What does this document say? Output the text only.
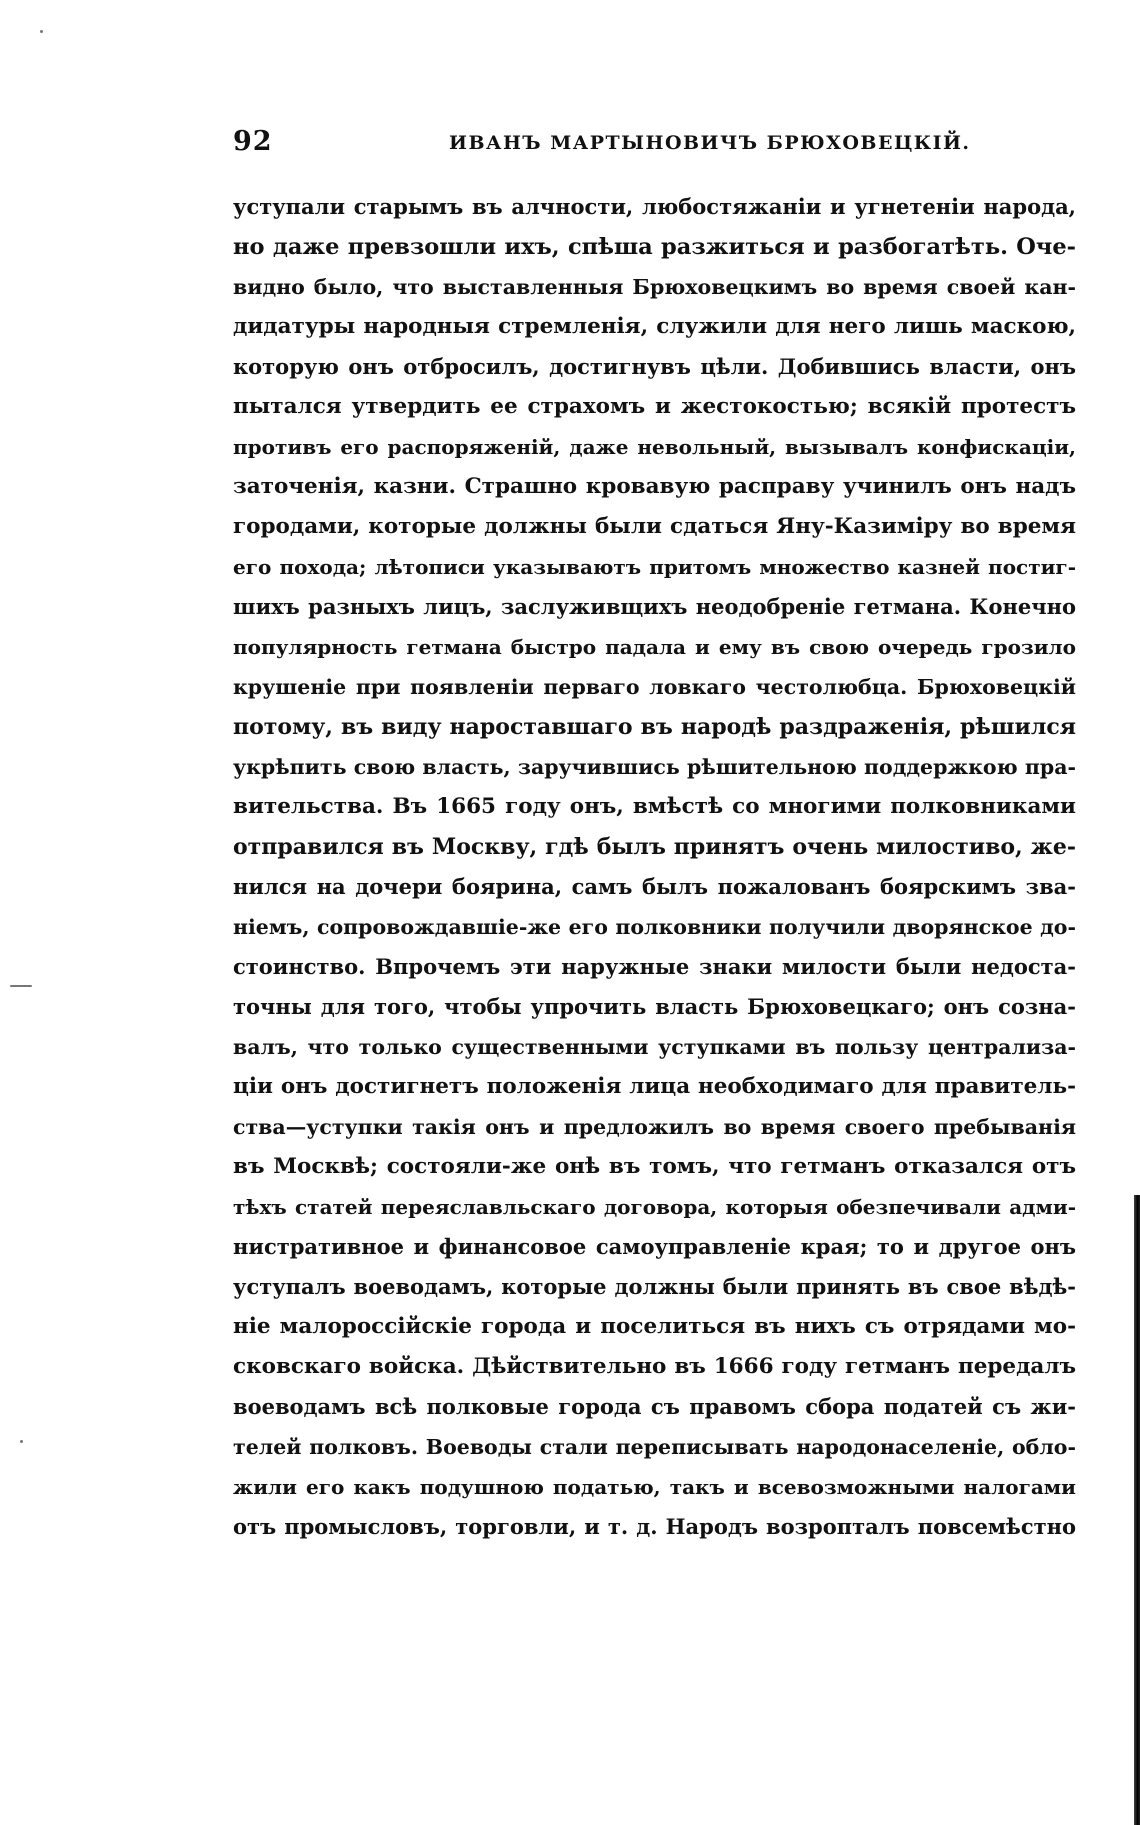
92	ИВАНЪ МАРТЫНОВИЧЪ БРЮХОВЕЦКІЙ.
уступали старымъ въ алчности, любостяжаніи и угнетеніи народа,
но даже превзошли ихъ, спѣша разжиться и разбогатѣть. Оче-
видно было, что выставленныя Брюховецкимъ во время своей кан-
дидатуры народныя стремленія, служили для него лишь маскою,
которую онъ отбросилъ, достигнувъ цѣли. Добившись власти, онъ
пытался утвердить ее страхомъ и жестокостью; всякій протестъ
противъ его распоряженій, даже невольный, вызывалъ конфискаціи,
заточенія, казни. Страшно кровавую расправу учинилъ онъ надъ
городами, которые должны были сдаться Яну-Казиміру во время
его похода; лѣтописи указываютъ притомъ множество казней постиг-
шихъ разныхъ лицъ, заслуживщихъ неодобреніе гетмана. Конечно
популярность гетмана быстро падала и ему въ свою очередь грозило
крушеніе при появленіи перваго ловкаго честолюбца. Брюховецкій
потому, въ виду нароставшаго въ народѣ раздраженія, рѣшился
укрѣпить свою власть, заручившись рѣшительною поддержкою пра-
вительства. Въ 1665 году онъ, вмѣстѣ со многими полковниками
отправился въ Москву, гдѣ былъ принятъ очень милостиво, же-
нился на дочери боярина, самъ былъ пожалованъ боярскимъ зва-
ніемъ, сопровождавшіе-же его полковники получили дворянское до-
стоинство. Впрочемъ эти наружные знаки милости были недоста-
точны для того, чтобы упрочить власть Брюховецкаго; онъ созна-
валъ, что только существенными уступками въ пользу централиза-
ціи онъ достигнетъ положенія лица необходимаго для правитель-
ства—уступки такія онъ и предложилъ во время своего пребыванія
въ Москвѣ; состояли-же онѣ въ томъ, что гетманъ отказался отъ
тѣхъ статей переяславльскаго договора, которыя обезпечивали адми-
нистративное и финансовое самоуправленіе края; то и другое онъ
уступалъ воеводамъ, которые должны были принять въ свое вѣдѣ-
ніе малороссійскіе города и поселиться въ нихъ съ отрядами мо-
сковскаго войска. Дѣйствительно въ 1666 году гетманъ передалъ
воеводамъ всѣ полковые города съ правомъ сбора податей съ жи-
телей полковъ. Воеводы стали переписывать народонаселеніе, обло-
жили его какъ подушною податью, такъ и всевозможными налогами
отъ промысловъ, торговли, и т. д. Народъ возропталъ повсемѣстно
